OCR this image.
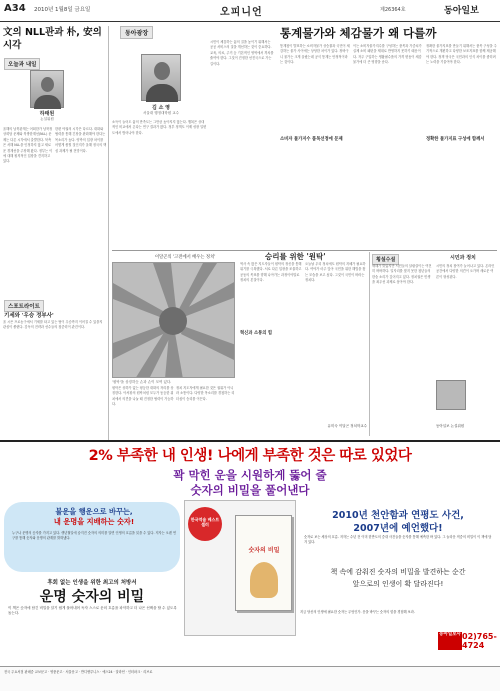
A34 2010년 1월8일 금요일	오피니언	제26364호	동아일보
文의 NLL관과 朴, 安의 시각
오늘과 내일
하태원
논설위원
올해의 남북관계는 어떠한가 남북정상회담 문제와 북방한계선(NLL) 문제는 다른 시각에서 출발한다. 북측은 서해 NLL을 인정하지 않고 새로운 경계선을 주장해 왔다. 정부는 이에 대해 원칙적인 입장을 견지하고 있다.
한편 야권의 시각은 다르다. 대화와 협력을 통해 긴장을 완화해야 한다는 목소리가 높다. 양측의 입장 차이를 어떻게 좁힐 것인지가 올해 정국의 핵심 과제가 될 전망이다.
스포트라이트
기세와 '우승 정부사'
올 시즌 프로농구에서 기세를 타고 있는 팀이 우승까지 이어질 수 있을지 관심이 쏠린다. 감독의 전략과 선수들의 집중력이 관건이다.
동아광장
김 소 영
서울대 행정대학원 교수
소득이 늘어도 삶의 만족도는 그만큼 높아지지 않는다. 행복은 상대적인 비교에서 온다는 연구 결과가 많다. 정부 정책도 이제 성장 일변도에서 벗어나야 한다.
시민이 체감하는 삶의 질을 높이기 위해서는 공공 서비스의 질을 개선하는 것이 중요하다. 교육, 의료, 주거 등 기본적인 영역에서 격차를 줄여야 한다. 그것이 진정한 선진국으로 가는 길이다.
통계물가와 체감물가 왜 다를까
통계청이 발표하는 소비자물가 상승률과 국민이 체감하는 물가 사이에는 상당한 차이가 있다. 장바구니 물가는 크게 올랐는데 공식 통계는 안정적이라는 것이다.
이는 소비자물가지수를 구성하는 품목과 가중치가 실제 소비 패턴을 제대로 반영하지 못하기 때문이다. 자주 구입하는 생활필수품의 가격 변동이 체감물가에 더 큰 영향을 준다.
정확한 물가지표를 만들기 위해서는 품목 구성을 주기적으로 개편하고 다양한 보조지표를 함께 제공해야 한다. 정책 당국은 국민과의 인식 차이를 좁히려는 노력을 기울여야 한다.
소비자 물가지수 품목선정에 문제	정확한 물가지표 구성에 함께서
이달곤의 '고전에서 배우는 정치'	승리를 위한 '원탁'
'원탁'을 상징하듯 손과 손이 모여 있다.
원탁은 상하가 없는 평등한 대화의 자리를 상징한다. 아서왕의 원탁처럼 모두가 동등한 위치에서 의견을 나눌 때 진정한 협력이 가능하다.
정치 지도자에게 필요한 것은 권위가 아니라 소통이다. 다양한 목소리를 경청하는 리더십이 승리를 이끈다.
역사 속 많은 지도자들이 원탁의 정신을 통해 위기를 극복했다. 서로 다른 입장을 조율하고 공동의 목표를 향해 나아가는 과정이야말로 정치의 본질이다.
오늘날 우리 정치에도 원탁의 지혜가 필요하다. 여야가 마주 앉아 국민을 위한 해법을 찾는 모습을 보고 싶다. 그것이 국민이 바라는 정치다.
혁신과 소통의 힘
유미숙 이달곤 정치학교수
횡설수설	시민과 정치
새해가 밝았지만 서민들의 살림살이는 여전히 팍팍하다. 일자리를 찾지 못한 청년들의 한숨 소리가 깊어지고 있다. 정치권은 민생을 최우선 과제로 삼아야 한다.
시민의 정치 참여가 늘어나고 있다. 온라인 공간에서 다양한 의견이 오가며 새로운 여론이 형성된다.
동아일보 논설위원
2% 부족한 내 인생! 나에게 부족한 것은 따로 있었다
꽉 막힌 운을 시원하게 뚫어 줄
숫자의 비밀을 풀어낸다
불운을 행운으로 바꾸는,
내 운명을 지배하는 숫자!
누구나 운명의 숫자를 가지고 있다. 생년월일에 숨겨진 숫자의 의미를 알면 인생의 흐름을 읽을 수 있다. 저자는 오랜 연구를 통해 숫자와 운명의 관계를 밝혀냈다.
후회 없는 인생을 위한 최고의 처방서
운명 숫자의 비밀
이 책은 숫자에 담긴 비밀을 알기 쉽게 풀어내어 독자 스스로 운의 흐름을 파악하고 더 나은 선택을 할 수 있도록 돕는다.
한국역술 베스트셀러
숫자의 비밀
2010년 천안함과 연평도 사건,
2007년에 예언했다!
숫자로 보는 세상의 흐름. 저자는 수년 전 이미 한반도의 중대 사건들을 숫자를 통해 예측한 바 있다. 그 놀라운 적중의 비밀이 이 책에 담겨 있다.
책 속에 감춰진 숫자의 비밀을 발견하는 순간
앞으로의 인생이 확 달라진다!
지금 당신의 인생에 필요한 숫자는 무엇인가. 운을 바꾸는 숫자의 힘을 경험해 보라.
동아일보사 02)765-4724
전국 주요서점 판매중 교보문고 · 영풍문고 · 서울문고 · 반디앤루니스 · 예스24 · 알라딘 · 인터파크 · 리브로
